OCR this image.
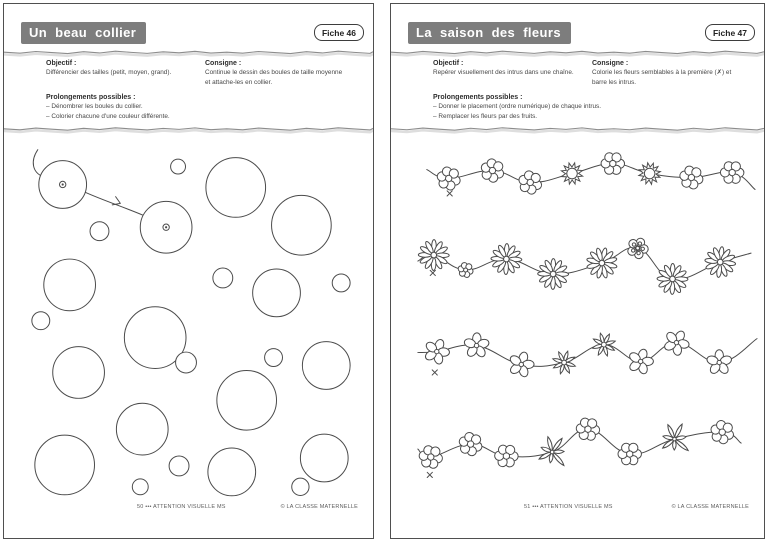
Un beau collier	Fiche 46

Objectif :

Différencier des tailles (petit, moyen, grand).

Consigne :

Continue le dessin des boules de taille moyenne et attache-les en collier.

Prolongements possibles :

– Dénombrer les boules du collier.

– Colorier chacune d'une couleur différente.

50 ••• ATTENTION VISUELLE MS	© LA CLASSE MATERNELLE
La saison des fleurs	Fiche 47

Objectif :

Repérer visuellement des intrus dans une chaîne.

Consigne :

Colorie les fleurs semblables à la première (✗) et barre les intrus.

Prolongements possibles :

– Donner le placement (ordre numérique) de chaque intrus.

– Remplacer les fleurs par des fruits.

51 ••• ATTENTION VISUELLE MS	© LA CLASSE MATERNELLE
